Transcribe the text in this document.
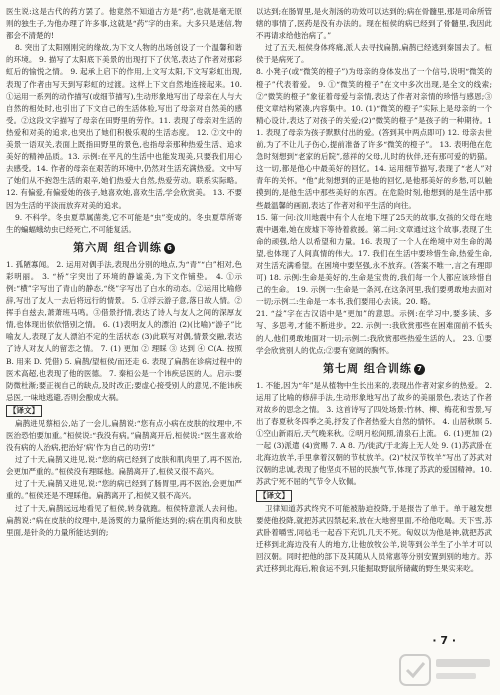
医生说:这是古代的药方罢了。他竟然不知道古方是“药”,也就是毫无原则的独生子,为他办理了许多事,这就是“药”字的由来。大多只是迷信,物都会不清楚的!

8. 突出了太阳刚刚完的缘故,为下文人物的出场创设了一个温馨和谐的环境。 9. 描写了太阳底下美景的出现打下了伏笔,表达了作者对那彩虹后的愉悦之情。 9. 起承上启下的作用,上文写太阳,下文写彩虹出现,表现了作者由写天到写彩虹的过渡。这样上下文自然地连接起来。10. ①运用一系列的动作描写(或细节描写),生动形象地写出了母亲在人与大自然的相处时,也引出了下文自己的生活体验,写出了母亲对自然美的感受。②这段文字描写了母亲在田野里的劳作。11. 表现了母亲对生活的热爱和对美的追求,也突出了她们积极乐观的生活态度。 12. ②文中的美景一语双关,表面上既指田野里的景色,也指母亲那种热爱生活、追求美好的精神品质。13. 示例:在平凡的生活中也能发现美,只要我们用心去感受。14. 作者的母亲在艰苦的环境中,仍然对生活充满热爱。文中写了她们从不抱怨生活的艰辛,她们热爱大自然,热爱劳动。联系实际略。 12. 有偏爱,有偏爱她的孩子,她喜欢她,喜欢生活,学会欣赏美。 13. 不要因为生活的平淡而放弃对美的追求。

9. 不科学。冬虫夏草属菌类,它不可能是“虫”变成的。冬虫夏草所寄生的蝙蝠蛾幼虫已经死亡,不可能复活。

第六周 组合训练 6

1. 孤陋寡闻。 2. 运用对偶手法,表现出分别的地点,为“青”“白”相对,色彩明丽。 3. “桥”字突出了环境的静谧美,为下文作铺垫。 4. ①示例:“横”字写出了青山的静态,“绕”字写出了白水的动态。②运用比喻修辞,写出了友人一去后将远行的情景。 5. ①浮云游子意,落日故人情。②挥手自兹去,萧萧班马鸣。③借景抒情,表达了诗人与友人之间的深厚友情,也体现出依依惜别之情。 6. (1)表明友人的漂泊 (2)(比喻)“游子”比喻友人,表现了友人漂泊不定的生活状态 (3)此联写对偶,情景交融,表达了诗人对友人的留恋之情。 7. (1) 更加 ② 理睬 ③ 达到 ④ C(A. 按照 B. 用来 D. 凭借) 5. 扁鹊/望桓侯/而还走 6. 表现了扁鹊在诊病过程中的医术高超,也表现了他的医德。 7. 秦桓公是一个讳疾忌医的人。启示:要防微杜渐;要正视自己的缺点,及时改正;要虚心接受别人的意见,不能讳疾忌医,一味地逃避,否则会酿成大祸。

【译文】

扁鹊进见蔡桓公,站了一会儿,扁鹊说:“您有点小病在皮肤的纹理中,不医治恐怕要加重。”桓侯说:“我没有病。”扁鹊离开后,桓侯说:“医生喜欢给没有病的人治病,把治好‘病’作为自己的功劳!”

过了十天,扁鹊又进见,说:“您的病已经到了皮肤和肌肉里了,再不医治,会更加严重的。”桓侯没有理睬他。扁鹊离开了,桓侯又很不高兴。

过了十天,扁鹊又进见,说:“您的病已经到了肠胃里,再不医治,会更加严重的。”桓侯还是不理睬他。扁鹊离开了,桓侯又很不高兴。

过了十天,扁鹊远远地看见了桓侯,转身就跑。桓侯特意派人去问他。扁鹊说:“病在皮肤的纹理中,是汤熨的力量所能达到的;病在肌肉和皮肤里面,是针灸的力量所能达到的;

以达到;在肠胃里,是火剂汤的功效可以达到的;病在骨髓里,那是司命所管辖的事情了,医药是没有办法的。现在桓侯的病已经到了骨髓里,我因此不再请求给他治病了。”

过了五天,桓侯身体疼痛,派人去寻找扁鹊,扁鹊已经逃到秦国去了。桓侯于是病死了。

8. 小凳子(或“微笑的橙子”)为母亲的身体发出了一个信号,说明“微笑的橙子”代表着爱。 9. ①“微笑的橙子”在文中多次出现,是全文的线索;②“微笑的橙子”象征着母爱与亲情,表达了作者对亲情的珍惜与感恩;③使文章结构紧凑,内容集中。10. (1)“微笑的橙子”实际上是母亲的一个精心设计,表达了对孩子的关爱;(2)“微笑的橙子”是孩子的一种期待。11. 表现了母亲为孩子默默付出的爱。(答到其中两点即可) 12. 母亲去世前,为了不让儿子伤心,提前准备了许多“微笑的橙子”。 13. 表明他在危急时刻想到“老家的后院”,慈祥的父母,儿时的伙伴,还有那可爱的奶猫。这一切,都是他心中最美好的回忆。14. 运用细节描写,表现了“老人”对青年的关怀。“他”此刻想到的正是他的回忆,是他那美好的乡愁,可以触摸到的,是他生活中那些美好的东西。在危险时刻,他想到的是生活中那些最温馨的画面,表达了作者对和平生活的向往。

15. 第一问:汶川地震中有个人在地下埋了25天的故事,女孩的父母在地震中遇难,她在废墟下等待着救援。第二问:文章通过这个故事,表现了生命的顽强,给人以希望和力量。16. 表现了一个人在绝境中对生命的渴望,也体现了人间真情的伟大。17. 我们在生活中要珍惜生命,热爱生命,对生活充满希望。在困境中要坚强,永不放弃。(答案不唯一,言之有理即可) 18. 示例:生命是美好的,生命是宝贵的,我们每一个人都应该珍惜自己的生命。 19. 示例一:生命是一条河,在这条河里,我们要勇敢地去面对一切;示例二:生命是一本书,我们要用心去读。20. 略。

21. “益”字在古汉语中是“更加”的意思。示例:在学习中,要多读、多写、多思考,才能不断进步。22. 示例一:我欣赏那些在困难面前不低头的人,他们勇敢地面对一切;示例二:我欣赏那些热爱生活的人。 23. ①要学会欣赏别人的优点;②要有宽阔的胸怀。

第七周 组合训练 7

1. 不能,因为“年”是从植物中生长出来的,表现出作者对家乡的热爱。 2. 运用了比喻的修辞手法,生动形象地写出了故乡的美丽景色,表达了作者对故乡的思念之情。 3. 这首诗写了四处场景:竹林、柳、梅花和雪景,写出了春夏秋冬四季之美,抒发了作者热爱大自然的情怀。 4. 山居秋暝 5. ①空山新雨后,天气晚来秋。②明月松间照,清泉石上流。 6. (1)更加 (2)一起 (3)派遣 (4)赏赐 7. A 8. 乃/徙武/于北海上无人处 9. (1)苏武卧在北海边放羊,手里拿着汉朝的节杖放羊。(2)“杖汉节牧羊”写出了苏武对汉朝的忠诚,表现了他坚贞不屈的民族气节,体现了苏武的爱国精神。10. 苏武宁死不屈的气节令人钦佩。

【译文】

卫律知道苏武终究不可能被胁迫投降,于是报告了单于。单于越发想要使他投降,就把苏武囚禁起来,放在大地窖里面,不给他吃喝。天下雪,苏武卧着嚼雪,同毡毛一起吞下充饥,几天不死。匈奴以为他是神,就把苏武迁移到北海边没有人的地方,让他放牧公羊,说等到公羊生了小羊才可以回汉朝。同时把他的部下及其随从人员常惠等分别安置到别的地方。苏武迁移到北海后,粮食运不到,只能掘取野鼠所储藏的野生果实来吃。

· 7 ·
